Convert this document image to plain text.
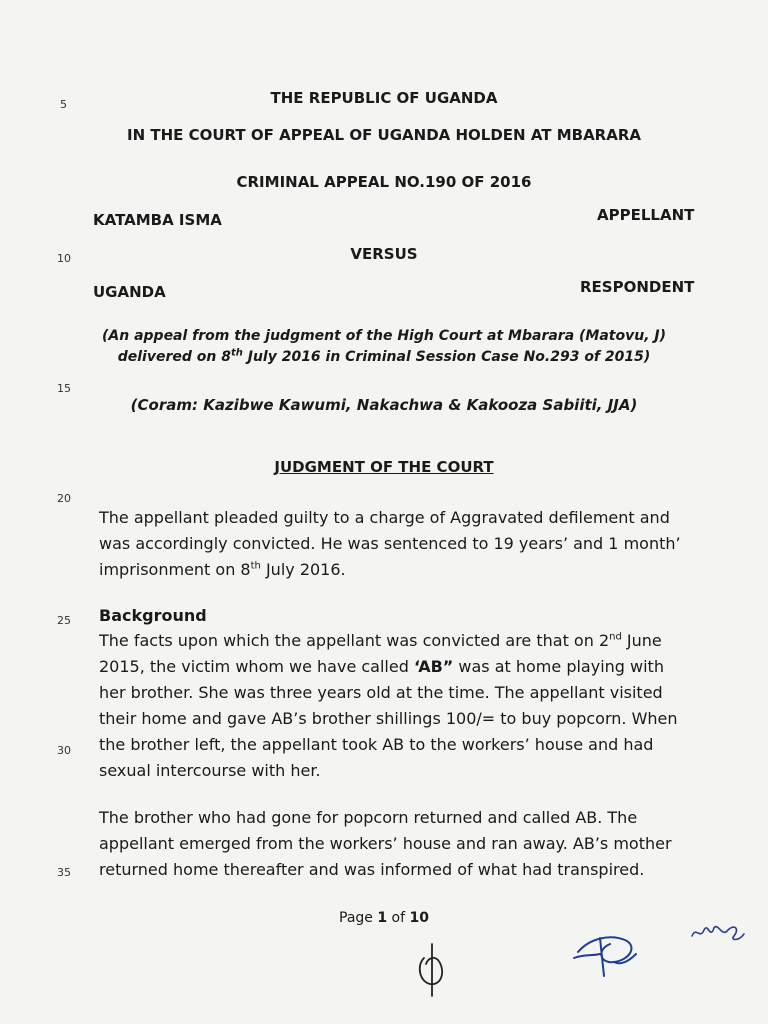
5
10
15
20
25
30
35
THE REPUBLIC OF UGANDA
IN THE COURT OF APPEAL OF UGANDA HOLDEN AT MBARARA
CRIMINAL APPEAL NO.190 OF 2016
KATAMBA ISMA	APPELLANT
VERSUS
UGANDA	RESPONDENT
(An appeal from the judgment of the High Court at Mbarara (Matovu, J)
delivered on 8th July 2016 in Criminal Session Case No.293 of 2015)
(Coram: Kazibwe Kawumi, Nakachwa & Kakooza Sabiiti, JJA)
JUDGMENT OF THE COURT

The appellant pleaded guilty to a charge of Aggravated defilement and

was accordingly convicted. He was sentenced to 19 years’ and 1 month’

imprisonment on 8th July 2016.

Background

The facts upon which the appellant was convicted are that on 2nd June

2015, the victim whom we have called ‘AB” was at home playing with

her brother. She was three years old at the time. The appellant visited

their home and gave AB’s brother shillings 100/= to buy popcorn. When

the brother left, the appellant took AB to the workers’ house and had

sexual intercourse with her.

The brother who had gone for popcorn returned and called AB. The

appellant emerged from the workers’ house and ran away. AB’s mother

returned home thereafter and was informed of what had transpired.

Page 1 of 10
